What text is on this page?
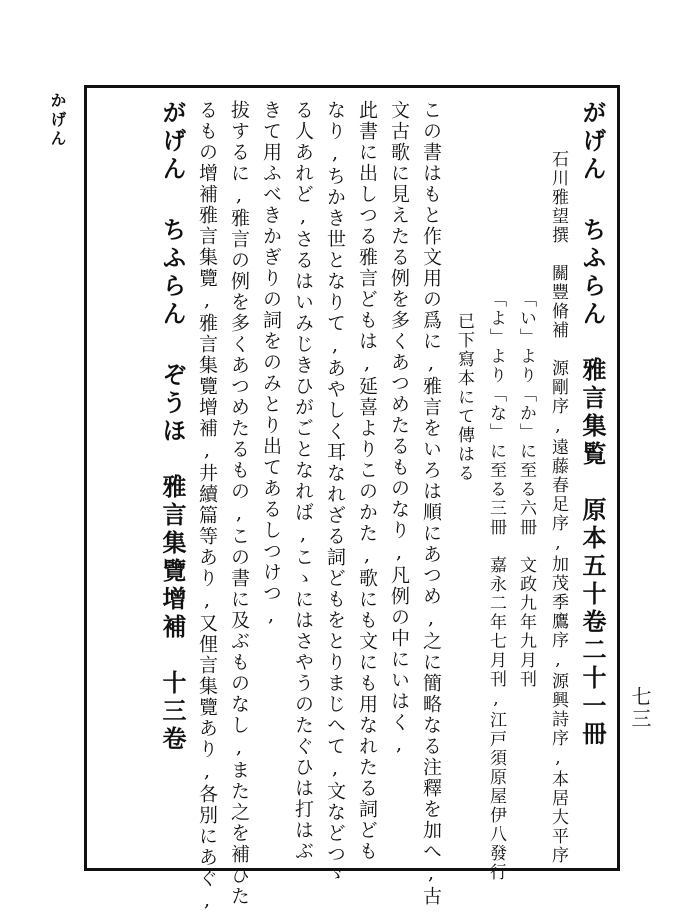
かげん	がげん ちふらん　雅言集覧　原本五十卷二十一冊
石川雅望撰　關豐脩補　源剛序,遠藤春足序,加茂季鷹序,源興詩序,本居大平序
「い」より「か」に至る六冊　文政九年九月刊
「よ」より「な」に至る三冊　嘉永二年七月刊,江戸須原屋伊八發行
已下寫本にて傳はる
この書はもと作文用の爲に,雅言をいろは順にあつめ,之に簡略なる注釋を加へ,古
文古歌に見えたる例を多くあつめたるものなり,凡例の中にいはく,
此書に出しつる雅言どもは,延喜よりこのかた,歌にも文にも用なれたる詞ども
なり,ちかき世となりて,あやしく耳なれざる詞どもをとりまじへて,文などつゞ
る人あれど,さるはいみじきひがごとなれば,こゝにはさやうのたぐひは打はぶ
きて用ふべきかぎりの詞をのみとり出てあるしつけつ,
拔するに,雅言の例を多くあつめたるもの,この書に及ぶものなし,また之を補ひた
るもの增補雅言集覽,雅言集覽增補,井續篇等あり,又俚言集覽あり,各別にあぐ,
がげん ちふらん ぞうほ　雅言集覽增補　十三卷	七三
